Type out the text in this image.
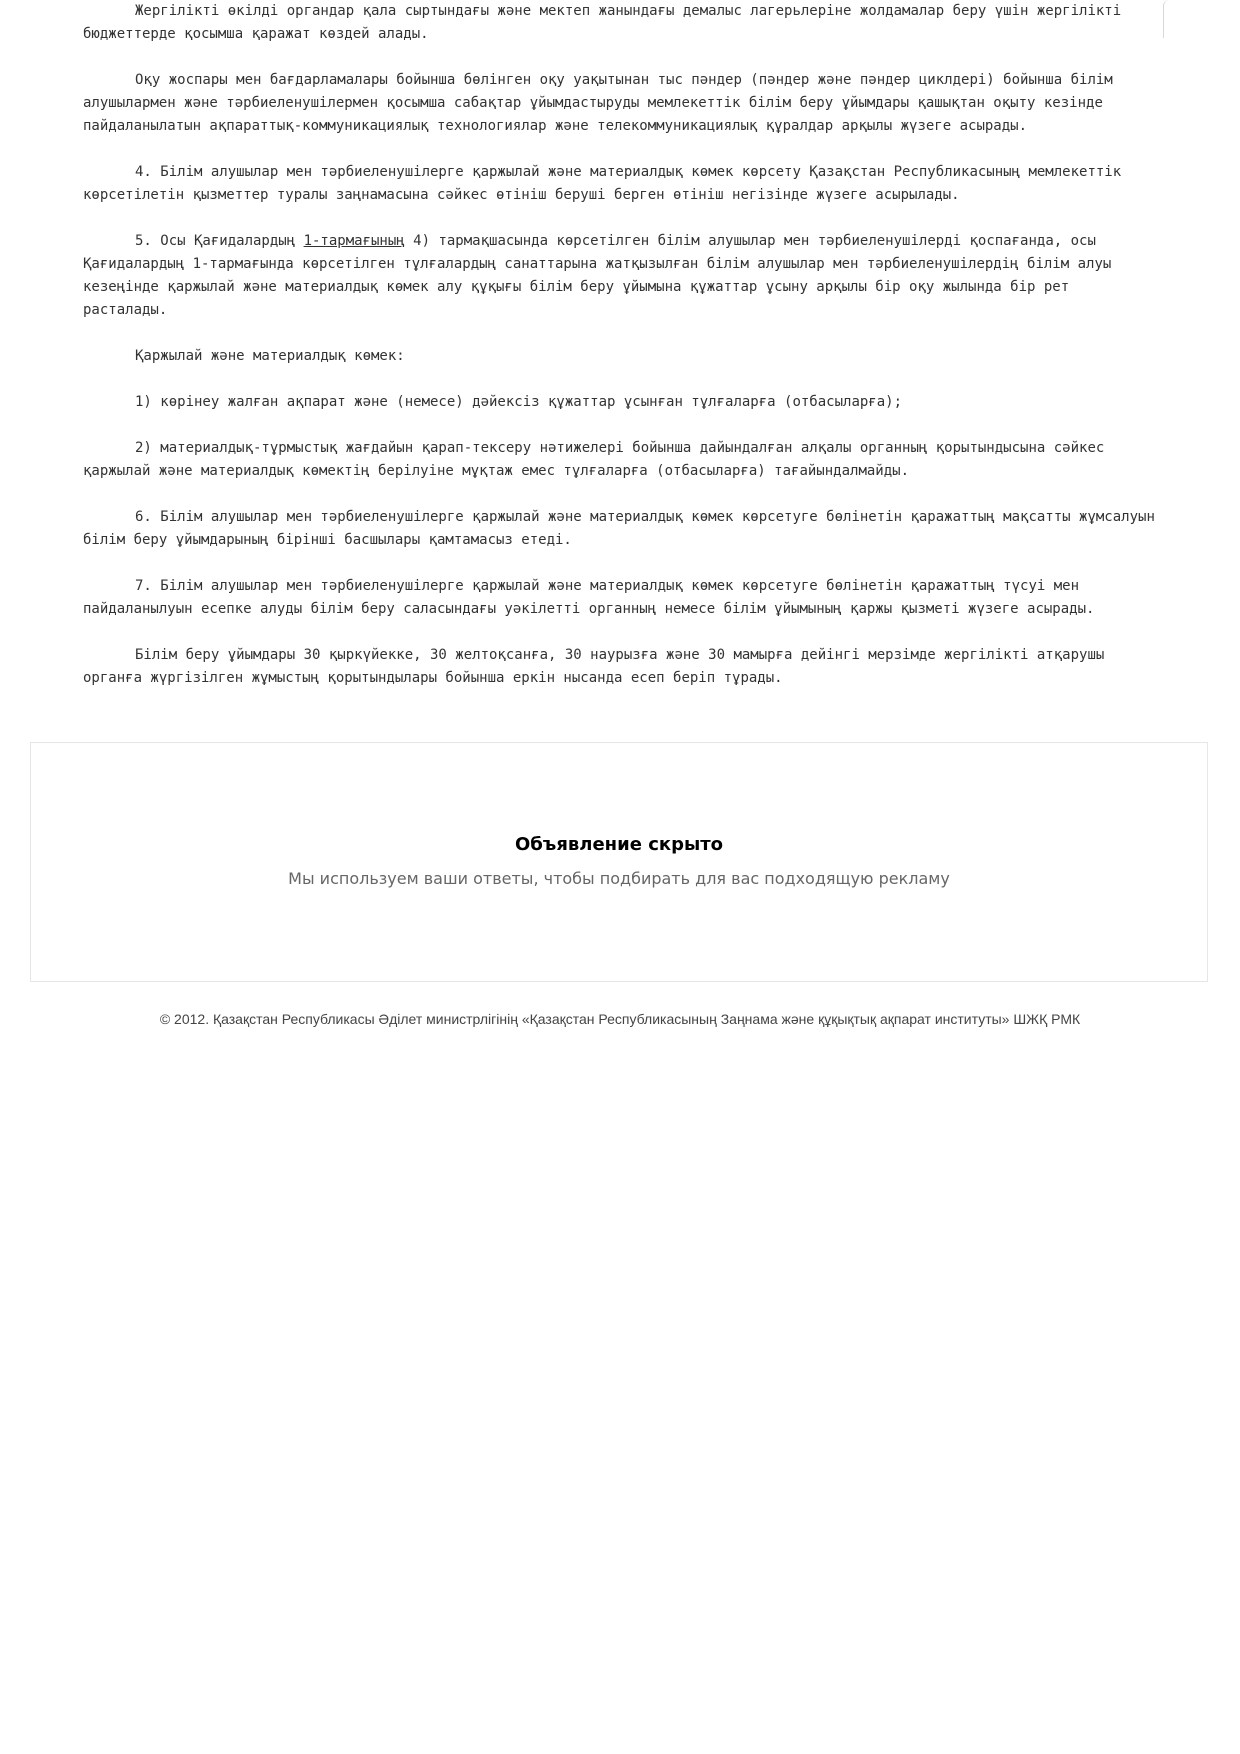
Жергілікті өкілді органдар қала сыртындағы және мектеп жанындағы демалыс лагерьлеріне жолдамалар беру үшін жергілікті бюджеттерде қосымша қаражат көздей алады.

Оқу жоспары мен бағдарламалары бойынша бөлінген оқу уақытынан тыс пәндер (пәндер және пәндер циклдері) бойынша білім алушылармен және тәрбиеленушілермен қосымша сабақтар ұйымдастыруды мемлекеттік білім беру ұйымдары қашықтан оқыту кезінде пайдаланылатын ақпараттық-коммуникациялық технологиялар және телекоммуникациялық құралдар арқылы жүзеге асырады.

4. Білім алушылар мен тәрбиеленушілерге қаржылай және материалдық көмек көрсету Қазақстан Республикасының мемлекеттік көрсетілетін қызметтер туралы заңнамасына сәйкес өтініш беруші берген өтініш негізінде жүзеге асырылады.

5. Осы Қағидалардың 1-тармағының 4) тармақшасында көрсетілген білім алушылар мен тәрбиеленушілерді қоспағанда, осы Қағидалардың 1-тармағында көрсетілген тұлғалардың санаттарына жатқызылған білім алушылар мен тәрбиеленушілердің білім алуы кезеңінде қаржылай және материалдық көмек алу құқығы білім беру ұйымына құжаттар ұсыну арқылы бір оқу жылында бір рет расталады.

Қаржылай және материалдық көмек:

1) көрінеу жалған ақпарат және (немесе) дәйексіз құжаттар ұсынған тұлғаларға (отбасыларға);

2) материалдық-тұрмыстық жағдайын қарап-тексеру нәтижелері бойынша дайындалған алқалы органның қорытындысына сәйкес қаржылай және материалдық көмектің берілуіне мұқтаж емес тұлғаларға (отбасыларға) тағайындалмайды.

6. Білім алушылар мен тәрбиеленушілерге қаржылай және материалдық көмек көрсетуге бөлінетін қаражаттың мақсатты жұмсалуын білім беру ұйымдарының бірінші басшылары қамтамасыз етеді.

7. Білім алушылар мен тәрбиеленушілерге қаржылай және материалдық көмек көрсетуге бөлінетін қаражаттың түсуі мен пайдаланылуын есепке алуды білім беру саласындағы уәкілетті органның немесе білім ұйымының қаржы қызметі жүзеге асырады.

Білім беру ұйымдары 30 қыркүйекке, 30 желтоқсанға, 30 наурызға және 30 мамырға дейінгі мерзімде жергілікті атқарушы органға жүргізілген жұмыстың қорытындылары бойынша еркін нысанда есеп беріп тұрады.

Объявление скрыто
Мы используем ваши ответы, чтобы подбирать для вас подходящую рекламу
© 2012. Қазақстан Республикасы Әділет министрлігінің «Қазақстан Республикасының Заңнама және құқықтық ақпарат институты» ШЖҚ РМК
